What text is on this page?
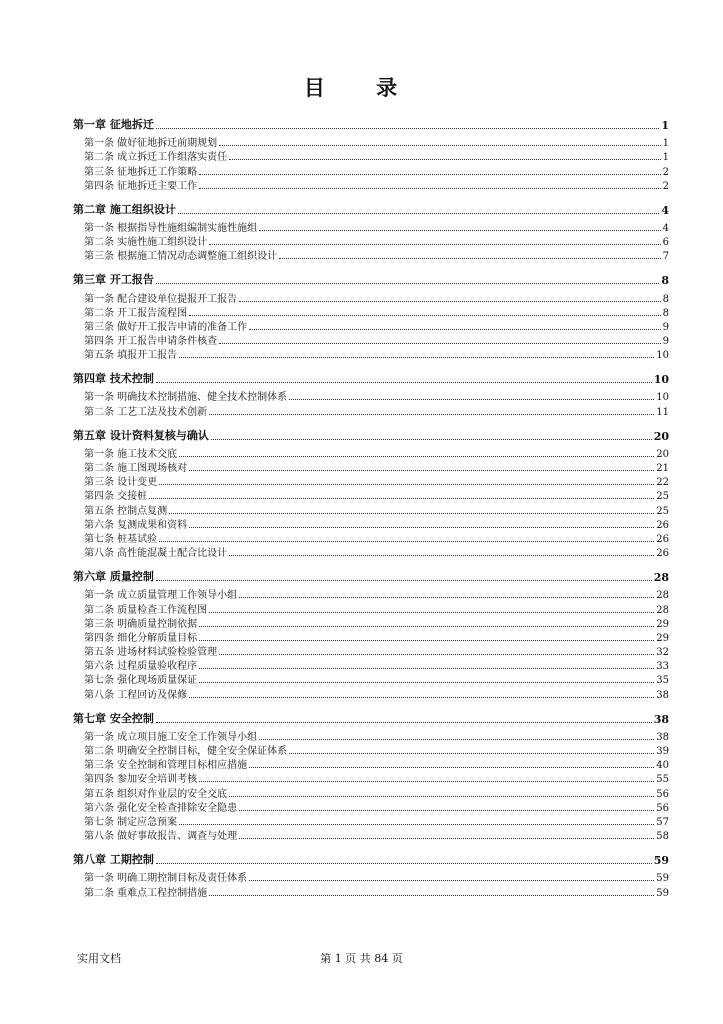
目 录
第一章 征地拆迁	1
第一条 做好征地拆迁前期规划	1
第二条 成立拆迁工作组落实责任	1
第三条 征地拆迁工作策略	2
第四条 征地拆迁主要工作	2
第二章 施工组织设计	4
第一条 根据指导性施组编制实施性施组	4
第二条 实施性施工组织设计	6
第三条 根据施工情况动态调整施工组织设计	7
第三章 开工报告	8
第一条 配合建设单位提报开工报告	8
第二条 开工报告流程图	8
第三条 做好开工报告申请的准备工作	9
第四条 开工报告申请条件核查	9
第五条 填报开工报告	10
第四章 技术控制	10
第一条 明确技术控制措施、健全技术控制体系	10
第二条 工艺工法及技术创新	11
第五章 设计资料复核与确认	20
第一条 施工技术交底	20
第二条 施工图现场核对	21
第三条 设计变更	22
第四条 交接桩	25
第五条 控制点复测	25
第六条 复测成果和资料	26
第七条 桩基试验	26
第八条 高性能混凝土配合比设计	26
第六章 质量控制	28
第一条 成立质量管理工作领导小组	28
第二条 质量检查工作流程图	28
第三条 明确质量控制依据	29
第四条 细化分解质量目标	29
第五条 进场材料试验检验管理	32
第六条 过程质量验收程序	33
第七条 强化现场质量保证	35
第八条 工程回访及保修	38
第七章 安全控制	38
第一条 成立项目施工安全工作领导小组	38
第二条 明确安全控制目标，健全安全保证体系	39
第三条 安全控制和管理目标相应措施	40
第四条 参加安全培训考核	55
第五条 组织对作业层的安全交底	56
第六条 强化安全检查排除安全隐患	56
第七条 制定应急预案	57
第八条 做好事故报告、调查与处理	58
第八章 工期控制	59
第一条 明确工期控制目标及责任体系	59
第二条 重难点工程控制措施	59
实用文档	第 1 页 共 84 页
